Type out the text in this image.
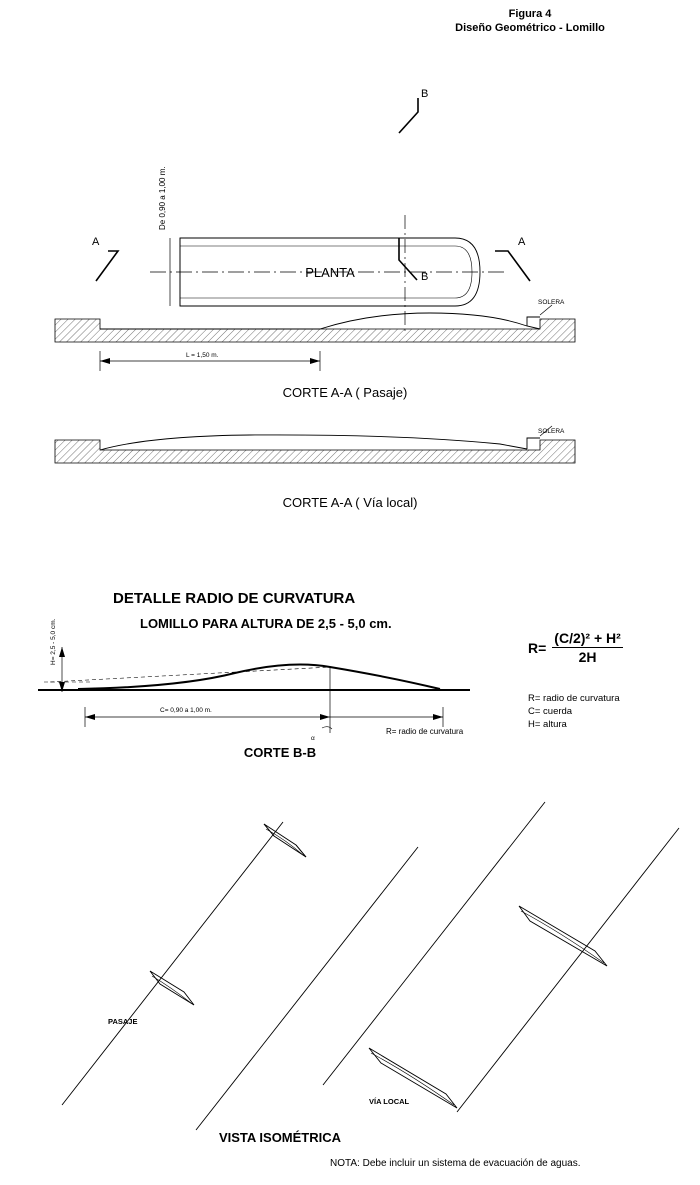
Figura 4
Diseño Geométrico - Lomillo
A	A
B
B
De 0,90 a 1,00 m.
PLANTA
SOLERA
L = 1,50 m.
CORTE A-A ( Pasaje)
SOLERA
CORTE A-A ( Vía local)
DETALLE RADIO DE CURVATURA
LOMILLO PARA ALTURA DE 2,5 - 5,0 cm.
H= 2,5 - 5,0 cm.
C= 0,90 a 1,00 m.
α
R= radio de curvatura
CORTE B-B
R=
(C/2)² + H²
2H
R= radio de curvatura
C= cuerda
H= altura
PASAJE
VÍA LOCAL
VISTA ISOMÉTRICA
NOTA: Debe incluir un sistema de evacuación de aguas.
